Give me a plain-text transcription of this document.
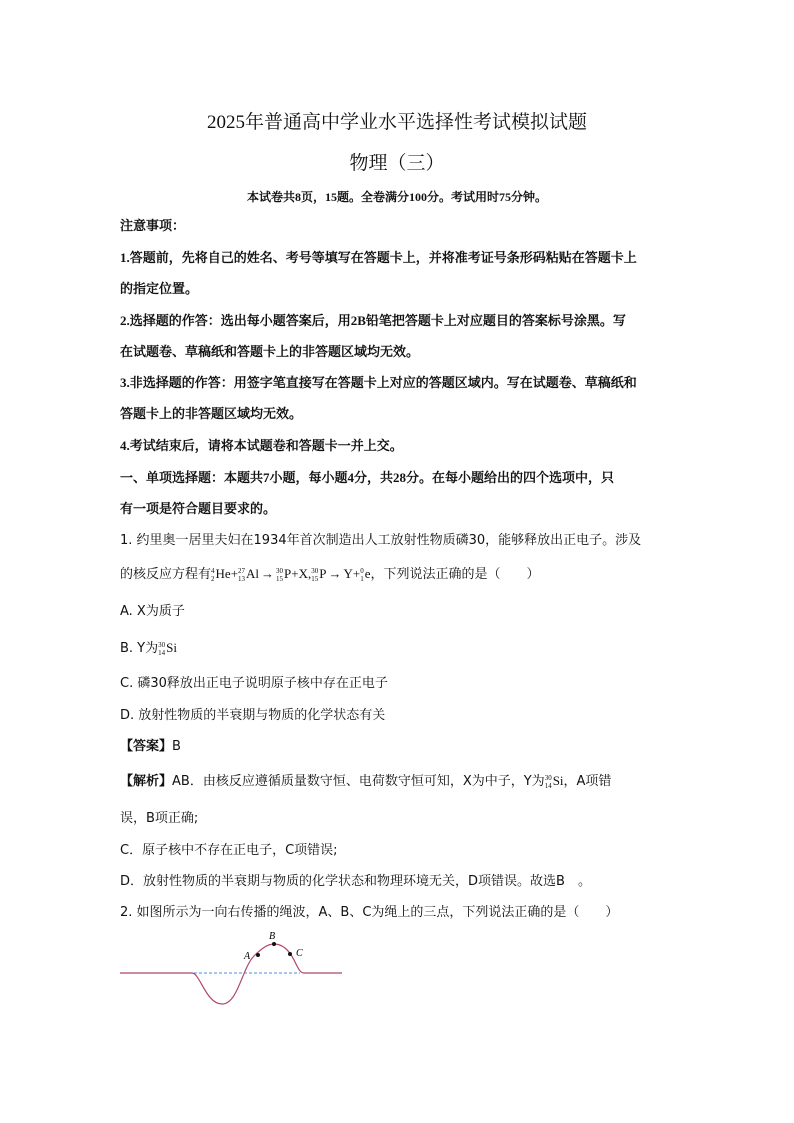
2025年普通高中学业水平选择性考试模拟试题
物理（三）
本试卷共8页，15题。全卷满分100分。考试用时75分钟。
注意事项：
1.答题前，先将自己的姓名、考号等填写在答题卡上，并将准考证号条形码粘贴在答题卡上
的指定位置。
2.选择题的作答：选出每小题答案后，用2B铅笔把答题卡上对应题目的答案标号涂黑。写
在试题卷、草稿纸和答题卡上的非答题区域均无效。
3.非选择题的作答：用签字笔直接写在答题卡上对应的答题区域内。写在试题卷、草稿纸和
答题卡上的非答题区域均无效。
4.考试结束后，请将本试题卷和答题卡一并上交。
一、单项选择题：本题共7小题，每小题4分，共28分。在每小题给出的四个选项中，只
有一项是符合题目要求的。
1. 约里奥一居里夫妇在1934年首次制造出人工放射性物质磷30，能够释放出正电子。涉及
的核反应方程有 4
2 He+ 27
13 Al → 30
15 P+X, 30
15 P → Y+ 0
1 e，下列说法正确的是（　　）
A. X为质子
B. Y为 30
14 Si
C. 磷30释放出正电子说明原子核中存在正电子
D. 放射性物质的半衰期与物质的化学状态有关
【答案】B
【解析】AB．由核反应遵循质量数守恒、电荷数守恒可知，X为中子，Y为 30
14 Si，A项错
误，B项正确;
C．原子核中不存在正电子，C项错误;
D．放射性物质的半衰期与物质的化学状态和物理环境无关，D项错误。故选B　。
2. 如图所示为一向右传播的绳波，A、B、C为绳上的三点，下列说法正确的是（　　）
A
B
C
